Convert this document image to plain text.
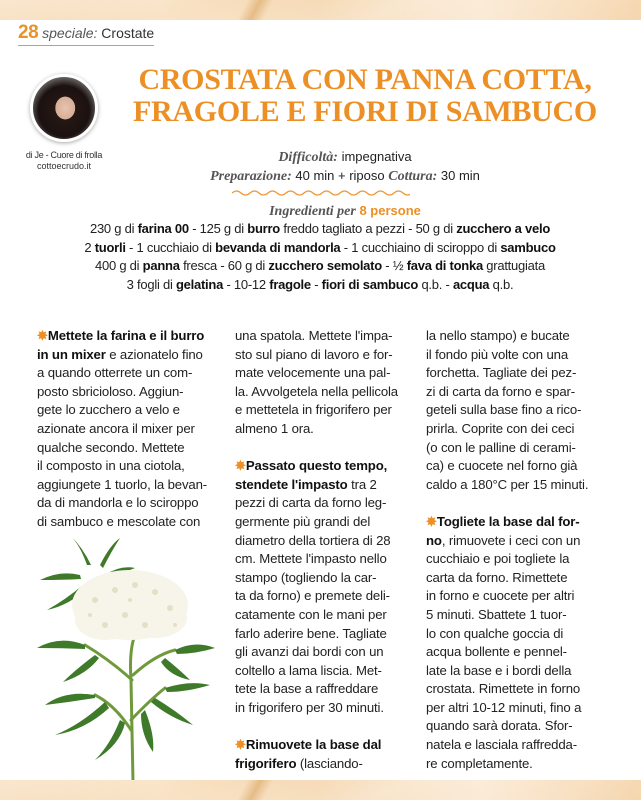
28 speciale: Crostate
di Je - Cuore di frolla
cottoecrudo.it
CROSTATA CON PANNA COTTA,
FRAGOLE E FIORI DI SAMBUCO
Difficoltà: impegnativa
Preparazione: 40 min + riposo Cottura: 30 min
Ingredienti per 8 persone
230 g di farina 00 - 125 g di burro freddo tagliato a pezzi - 50 g di zucchero a velo
2 tuorli - 1 cucchiaio di bevanda di mandorla - 1 cucchiaino di sciroppo di sambuco
400 g di panna fresca - 60 g di zucchero semolato - ½ fava di tonka grattugiata
3 fogli di gelatina - 10-12 fragole - fiori di sambuco q.b. - acqua q.b.

✸Mettete la farina e il burro
in un mixer e azionatelo fino
a quando otterrete un com-
posto sbricioloso. Aggiun-
gete lo zucchero a velo e
azionate ancora il mixer per
qualche secondo. Mettete
il composto in una ciotola,
aggiungete 1 tuorlo, la bevan-
da di mandorla e lo sciroppo
di sambuco e mescolate con

una spatola. Mettete l'impa-
sto sul piano di lavoro e for-
mate velocemente una pal-
la. Avvolgetela nella pellicola
e mettetela in frigorifero per
almeno 1 ora.

✸Passato questo tempo,
stendete l'impasto tra 2
pezzi di carta da forno leg-
germente più grandi del
diametro della tortiera di 28
cm. Mettete l'impasto nello
stampo (togliendo la car-
ta da forno) e premete deli-
catamente con le mani per
farlo aderire bene. Tagliate
gli avanzi dai bordi con un
coltello a lama liscia. Met-
tete la base a raffreddare
in frigorifero per 30 minuti.

✸Rimuovete la base dal
frigorifero (lasciando-

la nello stampo) e bucate
il fondo più volte con una
forchetta. Tagliate dei pez-
zi di carta da forno e spar-
geteli sulla base fino a rico-
prirla. Coprite con dei ceci
(o con le palline di cerami-
ca) e cuocete nel forno già
caldo a 180°C per 15 minuti.

✸Togliete la base dal for-
no, rimuovete i ceci con un
cucchiaio e poi togliete la
carta da forno. Rimettete
in forno e cuocete per altri
5 minuti. Sbattete 1 tuor-
lo con qualche goccia di
acqua bollente e pennel-
late la base e i bordi della
crostata. Rimettete in forno
per altri 10-12 minuti, fino a
quando sarà dorata. Sfor-
natela e lasciala raffredda-
re completamente.
